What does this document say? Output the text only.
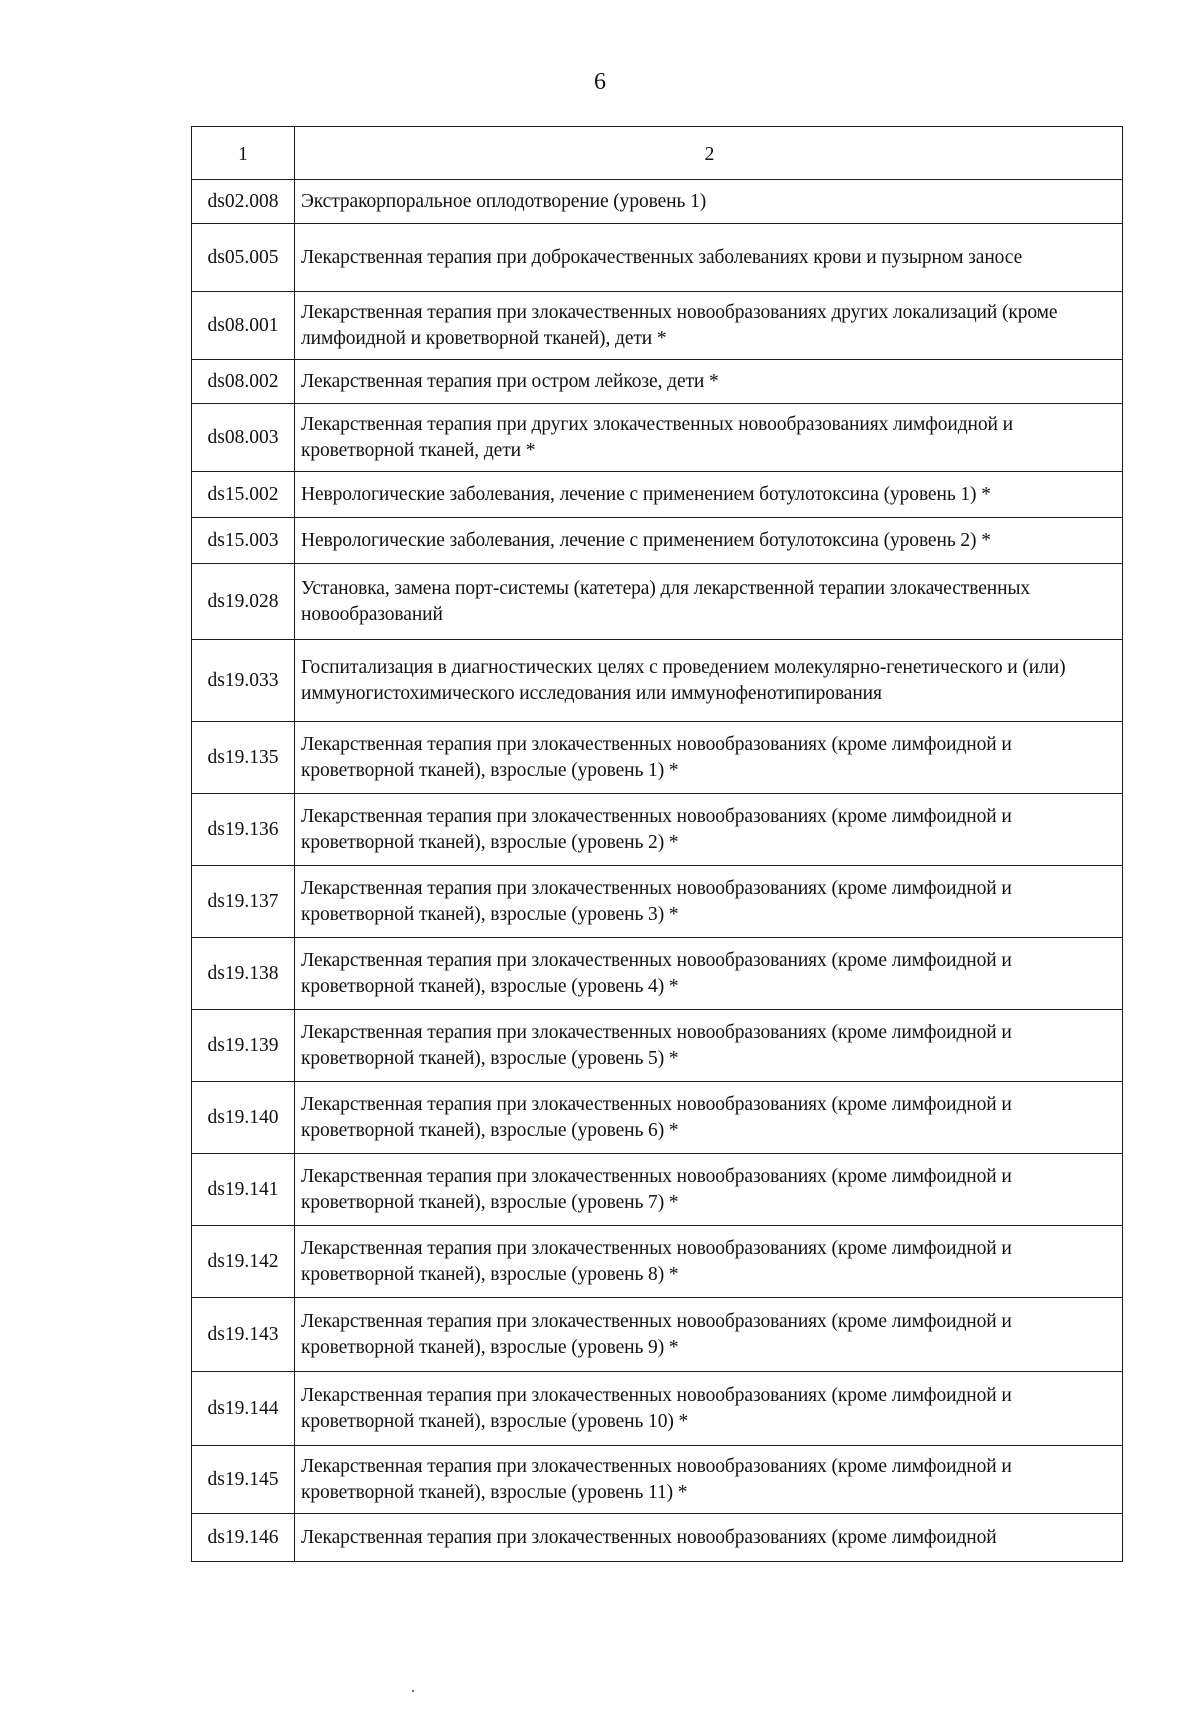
6
1	2
ds02.008	Экстракорпоральное оплодотворение (уровень 1)
ds05.005	Лекарственная терапия при доброкачественных заболеваниях крови и пузырном заносе
ds08.001	Лекарственная терапия при злокачественных новообразованиях других локализаций (кроме лимфоидной и кроветворной тканей), дети *
ds08.002	Лекарственная терапия при остром лейкозе, дети *
ds08.003	Лекарственная терапия при других злокачественных новообразованиях лимфоидной и кроветворной тканей, дети *
ds15.002	Неврологические заболевания, лечение с применением ботулотоксина (уровень 1) *
ds15.003	Неврологические заболевания, лечение с применением ботулотоксина (уровень 2) *
ds19.028	Установка, замена порт-системы (катетера) для лекарственной терапии злокачественных новообразований
ds19.033	Госпитализация в диагностических целях с проведением молекулярно-генетического и (или) иммуногистохимического исследования или иммунофенотипирования
ds19.135	Лекарственная терапия при злокачественных новообразованиях (кроме лимфоидной и кроветворной тканей), взрослые (уровень 1) *
ds19.136	Лекарственная терапия при злокачественных новообразованиях (кроме лимфоидной и кроветворной тканей), взрослые (уровень 2) *
ds19.137	Лекарственная терапия при злокачественных новообразованиях (кроме лимфоидной и кроветворной тканей), взрослые (уровень 3) *
ds19.138	Лекарственная терапия при злокачественных новообразованиях (кроме лимфоидной и кроветворной тканей), взрослые (уровень 4) *
ds19.139	Лекарственная терапия при злокачественных новообразованиях (кроме лимфоидной и кроветворной тканей), взрослые (уровень 5) *
ds19.140	Лекарственная терапия при злокачественных новообразованиях (кроме лимфоидной и кроветворной тканей), взрослые (уровень 6) *
ds19.141	Лекарственная терапия при злокачественных новообразованиях (кроме лимфоидной и кроветворной тканей), взрослые (уровень 7) *
ds19.142	Лекарственная терапия при злокачественных новообразованиях (кроме лимфоидной и кроветворной тканей), взрослые (уровень 8) *
ds19.143	Лекарственная терапия при злокачественных новообразованиях (кроме лимфоидной и кроветворной тканей), взрослые (уровень 9) *
ds19.144	Лекарственная терапия при злокачественных новообразованиях (кроме лимфоидной и кроветворной тканей), взрослые (уровень 10) *
ds19.145	Лекарственная терапия при злокачественных новообразованиях (кроме лимфоидной и кроветворной тканей), взрослые (уровень 11) *
ds19.146	Лекарственная терапия при злокачественных новообразованиях (кроме лимфоидной
